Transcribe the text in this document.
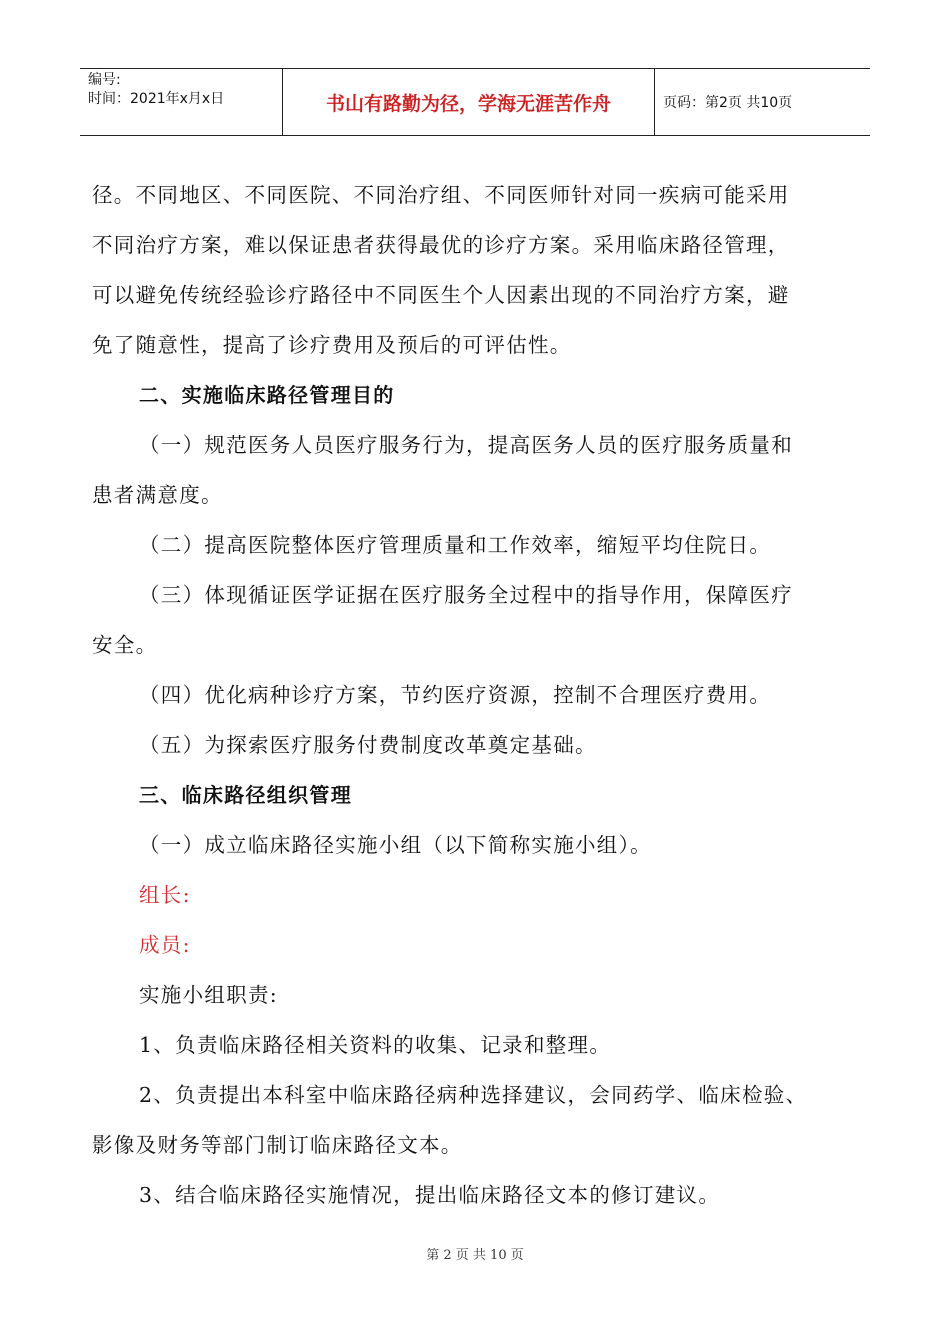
编号:
时间：2021年x月x日	书山有路勤为径，学海无涯苦作舟	页码：第2页 共10页

径。不同地区、不同医院、不同治疗组、不同医师针对同一疾病可能采用

不同治疗方案，难以保证患者获得最优的诊疗方案。采用临床路径管理，

可以避免传统经验诊疗路径中不同医生个人因素出现的不同治疗方案，避

免了随意性，提高了诊疗费用及预后的可评估性。

二、实施临床路径管理目的

（一）规范医务人员医疗服务行为，提高医务人员的医疗服务质量和

患者满意度。

（二）提高医院整体医疗管理质量和工作效率，缩短平均住院日。

（三）体现循证医学证据在医疗服务全过程中的指导作用，保障医疗

安全。

（四）优化病种诊疗方案，节约医疗资源，控制不合理医疗费用。

（五）为探索医疗服务付费制度改革奠定基础。

三、临床路径组织管理

（一）成立临床路径实施小组（以下简称实施小组）。

组长:

成员:

实施小组职责:

1、负责临床路径相关资料的收集、记录和整理。

2、负责提出本科室中临床路径病种选择建议，会同药学、临床检验、

影像及财务等部门制订临床路径文本。

3、结合临床路径实施情况，提出临床路径文本的修订建议。

第 2 页 共 10 页
